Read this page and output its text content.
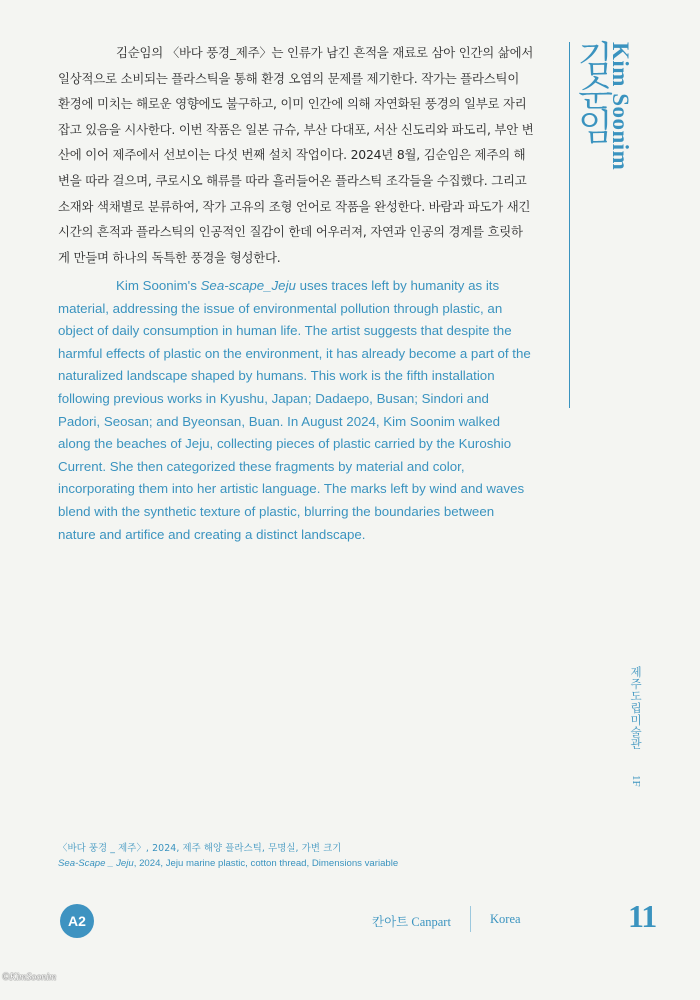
김순임의 〈바다 풍경_제주〉는 인류가 남긴 흔적을 재료로 삼아 인간의 삶에서 일상적으로 소비되는 플라스틱을 통해 환경 오염의 문제를 제기한다. 작가는 플라스틱이 환경에 미치는 해로운 영향에도 불구하고, 이미 인간에 의해 자연화된 풍경의 일부로 자리잡고 있음을 시사한다. 이번 작품은 일본 규슈, 부산 다대포, 서산 신도리와 파도리, 부안 변산에 이어 제주에서 선보이는 다섯 번째 설치 작업이다. 2024년 8월, 김순임은 제주의 해변을 따라 걸으며, 쿠로시오 해류를 따라 흘러들어온 플라스틱 조각들을 수집했다. 그리고 소재와 색채별로 분류하여, 작가 고유의 조형 언어로 작품을 완성한다. 바람과 파도가 새긴 시간의 흔적과 플라스틱의 인공적인 질감이 한데 어우러져, 자연과 인공의 경계를 흐릿하게 만들며 하나의 독특한 풍경을 형성한다.

Kim Soonim's Sea-scape_Jeju uses traces left by humanity as its material, addressing the issue of environmental pollution through plastic, an object of daily consumption in human life. The artist suggests that despite the harmful effects of plastic on the environment, it has already become a part of the naturalized landscape shaped by humans. This work is the fifth installation following previous works in Kyushu, Japan; Dadaepo, Busan; Sindori and Padori, Seosan; and Byeonsan, Buan. In August 2024, Kim Soonim walked along the beaches of Jeju, collecting pieces of plastic carried by the Kuroshio Current. She then categorized these fragments by material and color, incorporating them into her artistic language. The marks left by wind and waves blend with the synthetic texture of plastic, blurring the boundaries between nature and artifice and creating a distinct landscape.

김순임
Kim Soonim
제주도립미술관
1F
〈바다 풍경 _ 제주〉, 2024, 제주 해양 플라스틱, 무명실, 가변 크기
Sea-Scape _ Jeju, 2024, Jeju marine plastic, cotton thread, Dimensions variable
A2	칸아트 Canpart	Korea	11
©KimSoonim
